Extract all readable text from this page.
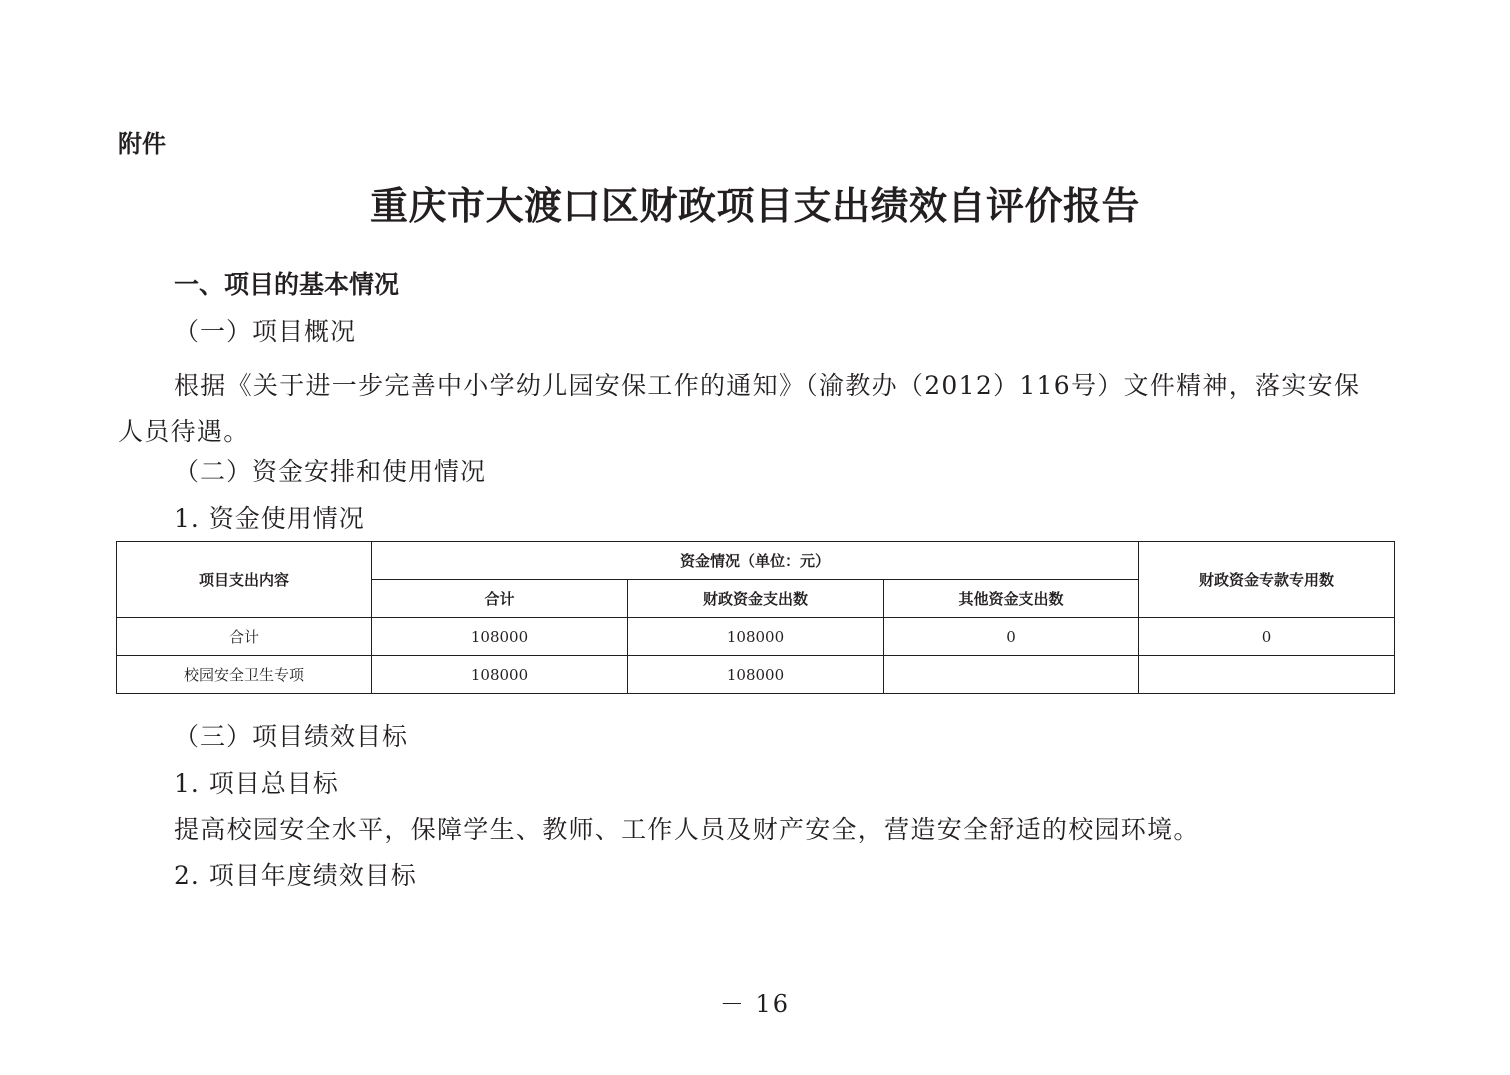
附件
重庆市大渡口区财政项目支出绩效自评价报告
一、项目的基本情况
（一）项目概况
根据《关于进一步完善中小学幼儿园安保工作的通知》（渝教办（2012）116号）文件精神，落实安保人员待遇。
（二）资金安排和使用情况
1. 资金使用情况
项目支出内容	资金情况（单位：元）			财政资金专款专用数
	合计	财政资金支出数	其他资金支出数	
合计	108000	108000	0	0
校园安全卫生专项	108000	108000		
（三）项目绩效目标
1. 项目总目标
提高校园安全水平，保障学生、教师、工作人员及财产安全，营造安全舒适的校园环境。
2. 项目年度绩效目标
－ 16
